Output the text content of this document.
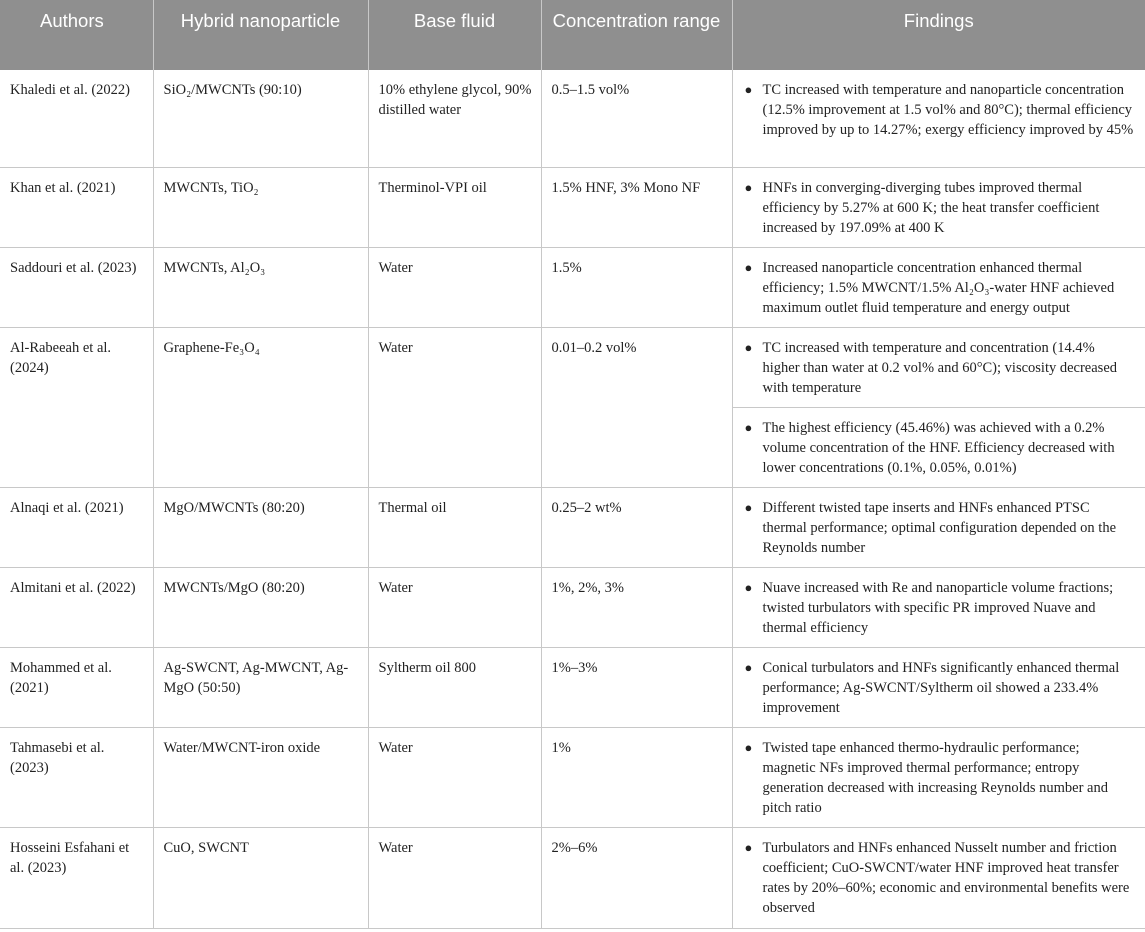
Authors	Hybrid nanoparticle	Base fluid	Concentration range	Findings
Khaledi et al. (2022)	SiO₂/MWCNTs (90:10)	10% ethylene glycol, 90% distilled water	0.5–1.5 vol%	● TC increased with temperature and nanoparticle concentration (12.5% improvement at 1.5 vol% and 80°C); thermal efficiency improved by up to 14.27%; exergy efficiency improved by 45%

Khan et al. (2021)	MWCNTs, TiO₂	Therminol-VPI oil	1.5% HNF, 3% Mono NF	● HNFs in converging-diverging tubes improved thermal efficiency by 5.27% at 600 K; the heat transfer coefficient increased by 197.09% at 400 K

Saddouri et al. (2023)	MWCNTs, Al₂O₃	Water	1.5%	● Increased nanoparticle concentration enhanced thermal efficiency; 1.5% MWCNT/1.5% Al₂O₃-water HNF achieved maximum outlet fluid temperature and energy output

Al-Rabeeah et al. (2024)	Graphene-Fe₃O₄	Water	0.01–0.2 vol%	● TC increased with temperature and concentration (14.4% higher than water at 0.2 vol% and 60°C); viscosity decreased with temperature

				● The highest efficiency (45.46%) was achieved with a 0.2% volume concentration of the HNF. Efficiency decreased with lower concentrations (0.1%, 0.05%, 0.01%)

Alnaqi et al. (2021)	MgO/MWCNTs (80:20)	Thermal oil	0.25–2 wt%	● Different twisted tape inserts and HNFs enhanced PTSC thermal performance; optimal configuration depended on the Reynolds number

Almitani et al. (2022)	MWCNTs/MgO (80:20)	Water	1%, 2%, 3%	● Nuave increased with Re and nanoparticle volume fractions; twisted turbulators with specific PR improved Nuave and thermal efficiency

Mohammed et al. (2021)	Ag-SWCNT, Ag-MWCNT, Ag-MgO (50:50)	Syltherm oil 800	1%–3%	● Conical turbulators and HNFs significantly enhanced thermal performance; Ag-SWCNT/Syltherm oil showed a 233.4% improvement

Tahmasebi et al. (2023)	Water/MWCNT-iron oxide	Water	1%	● Twisted tape enhanced thermo-hydraulic performance; magnetic NFs improved thermal performance; entropy generation decreased with increasing Reynolds number and pitch ratio

Hosseini Esfahani et al. (2023)	CuO, SWCNT	Water	2%–6%	● Turbulators and HNFs enhanced Nusselt number and friction coefficient; CuO-SWCNT/water HNF improved heat transfer rates by 20%–60%; economic and environmental benefits were observed
